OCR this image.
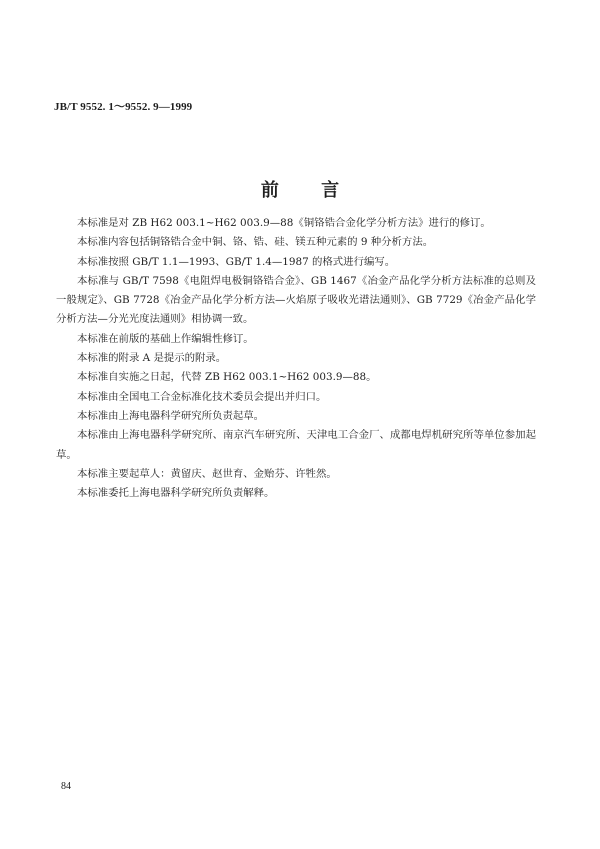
JB/T 9552. 1～9552. 9—1999
前 言

本标准是对 ZB H62 003.1~H62 003.9—88《铜铬锆合金化学分析方法》进行的修订。

本标准内容包括铜铬锆合金中铜、铬、锆、硅、镁五种元素的 9 种分析方法。

本标准按照 GB/T 1.1—1993、GB/T 1.4—1987 的格式进行编写。

本标准与 GB/T 7598《电阻焊电极铜铬锆合金》、GB 1467《冶金产品化学分析方法标准的总则及一般规定》、GB 7728《冶金产品化学分析方法—火焰原子吸收光谱法通则》、GB 7729《冶金产品化学分析方法—分光光度法通则》相协调一致。

本标准在前版的基础上作编辑性修订。

本标准的附录 A 是提示的附录。

本标准自实施之日起，代替 ZB H62 003.1~H62 003.9—88。

本标准由全国电工合金标准化技术委员会提出并归口。

本标准由上海电器科学研究所负责起草。

本标准由上海电器科学研究所、南京汽车研究所、天津电工合金厂、成都电焊机研究所等单位参加起草。

本标准主要起草人：黄留庆、赵世育、金贻芬、许牲然。

本标准委托上海电器科学研究所负责解释。

84
